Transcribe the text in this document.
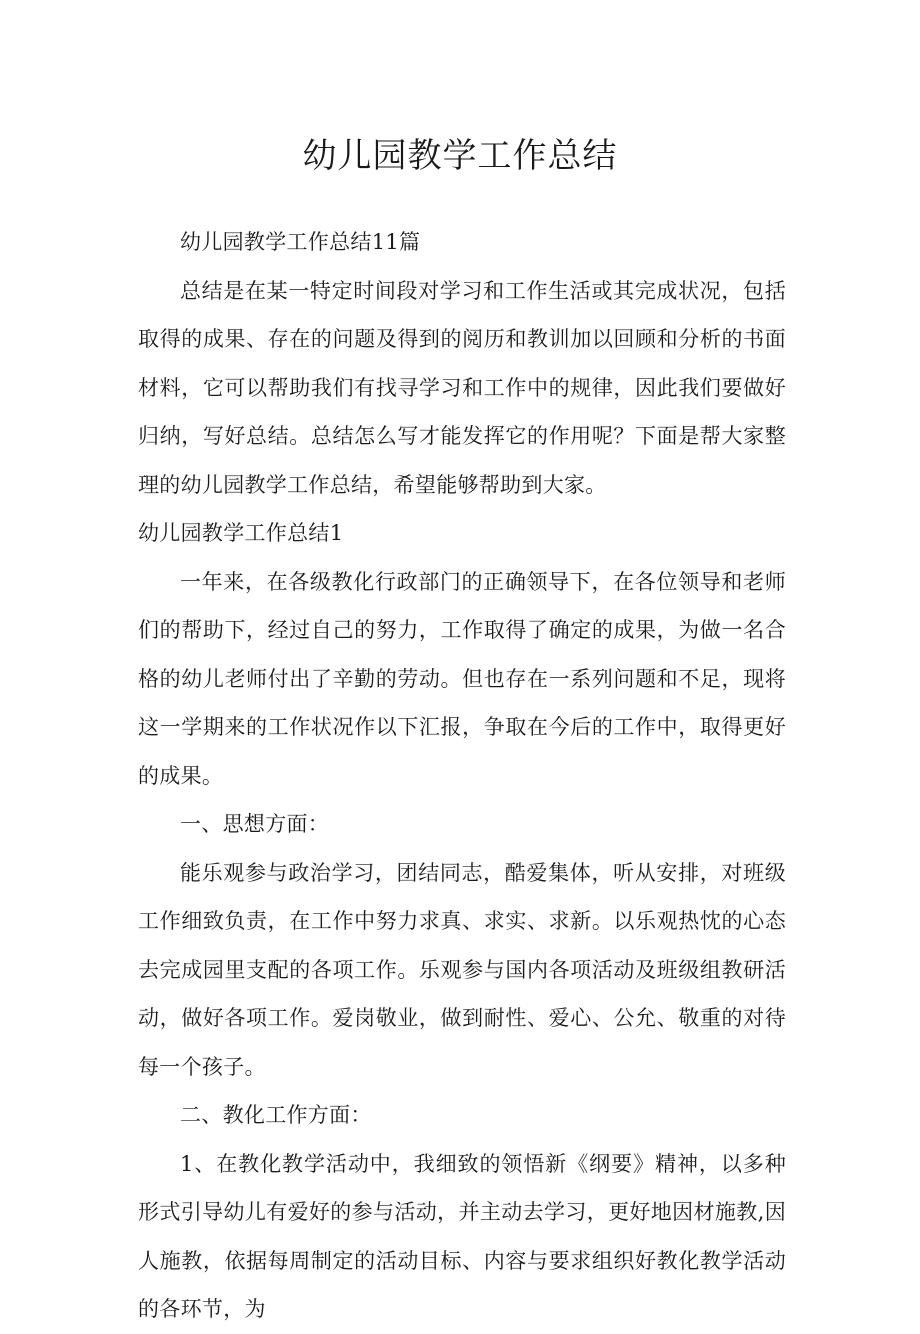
幼儿园教学工作总结

幼儿园教学工作总结11篇

总结是在某一特定时间段对学习和工作生活或其完成状况，包括取得的成果、存在的问题及得到的阅历和教训加以回顾和分析的书面材料，它可以帮助我们有找寻学习和工作中的规律，因此我们要做好归纳，写好总结。总结怎么写才能发挥它的作用呢？下面是帮大家整理的幼儿园教学工作总结，希望能够帮助到大家。

幼儿园教学工作总结1

一年来，在各级教化行政部门的正确领导下，在各位领导和老师们的帮助下，经过自己的努力，工作取得了确定的成果，为做一名合格的幼儿老师付出了辛勤的劳动。但也存在一系列问题和不足，现将这一学期来的工作状况作以下汇报，争取在今后的工作中，取得更好的成果。

一、思想方面：

能乐观参与政治学习，团结同志，酷爱集体，听从安排，对班级工作细致负责，在工作中努力求真、求实、求新。以乐观热忱的心态去完成园里支配的各项工作。乐观参与国内各项活动及班级组教研活动，做好各项工作。爱岗敬业，做到耐性、爱心、公允、敬重的对待每一个孩子。

二、教化工作方面：

1、在教化教学活动中，我细致的领悟新《纲要》精神，以多种形式引导幼儿有爱好的参与活动，并主动去学习，更好地因材施教,因人施教，依据每周制定的活动目标、内容与要求组织好教化教学活动的各环节，为
